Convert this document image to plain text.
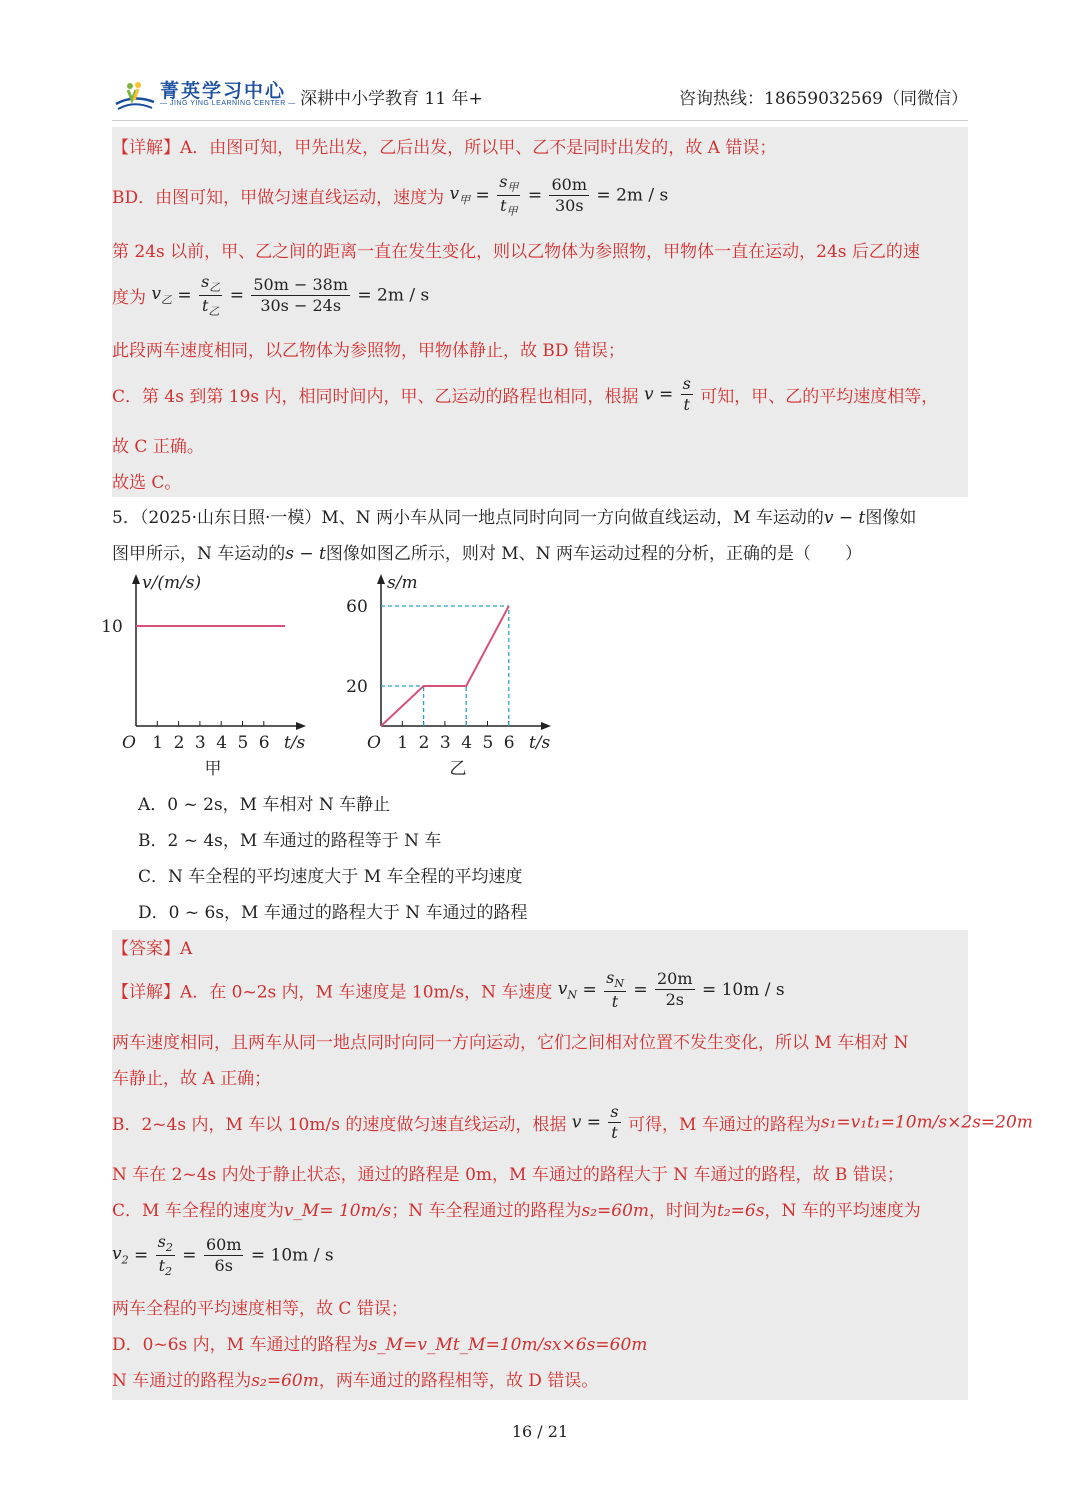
菁英学习中心
— JING YING LEARNING CENTER — 深耕中小学教育 11 年+	咨询热线：18659032569（同微信）
【详解】A．由图可知，甲先出发，乙后出发，所以甲、乙不是同时出发的，故 A 错误；
BD．由图可知，甲做匀速直线运动，速度为 $v_甲 = \frac{s_甲}{t_甲} = \frac{60m}{30s} = 2m / s$
第 24s 以前，甲、乙之间的距离一直在发生变化，则以乙物体为参照物，甲物体一直在运动，24s 后乙的速
度为 $v_乙 = \frac{s_乙}{t_乙} = \frac{50m - 38m}{30s - 24s} = 2m / s$
此段两车速度相同，以乙物体为参照物，甲物体静止，故 BD 错误；
C．第 4s 到第 19s 内，相同时间内，甲、乙运动的路程也相同，根据 $v = \frac{s}{t}$ 可知，甲、乙的平均速度相等，
故 C 正确。
故选 C。
5．（2025·山东日照·一模）M、N 两小车从同一地点同时向同一方向做直线运动，M 车运动的v − t图像如
图甲所示，N 车运动的s − t图像如图乙所示，则对 M、N 两车运动过程的分析，正确的是（　　）
v/(m/s)
t/s
O 1 2 3 4 5 6
10
甲
s/m
t/s
O 1 2 3 4 5 6
20
60
乙
A．0 ~ 2s，M 车相对 N 车静止
B．2 ~ 4s，M 车通过的路程等于 N 车
C．N 车全程的平均速度大于 M 车全程的平均速度
D．0 ~ 6s，M 车通过的路程大于 N 车通过的路程
【答案】A
【详解】A．在 0~2s 内，M 车速度是 10m/s，N 车速度 $v_N = \frac{s_N}{t} = \frac{20m}{2s} = 10m / s$
两车速度相同，且两车从同一地点同时向同一方向运动，它们之间相对位置不发生变化，所以 M 车相对 N
车静止，故 A 正确；
B．2~4s 内，M 车以 10m/s 的速度做匀速直线运动，根据 $v = \frac{s}{t}$ 可得，M 车通过的路程为s₁=v₁t₁=10m/s×2s=20m
N 车在 2~4s 内处于静止状态，通过的路程是 0m，M 车通过的路程大于 N 车通过的路程，故 B 错误；
C．M 车全程的速度为v_M= 10m/s；N 车全程通过的路程为s₂=60m，时间为t₂=6s，N 车的平均速度为
$v_2 = \frac{s_2}{t_2} = \frac{60m}{6s} = 10m / s$
两车全程的平均速度相等，故 C 错误；
D．0~6s 内，M 车通过的路程为s_M=v_Mt_M=10m/sx×6s=60m
N 车通过的路程为s₂=60m，两车通过的路程相等，故 D 错误。
16 / 21
